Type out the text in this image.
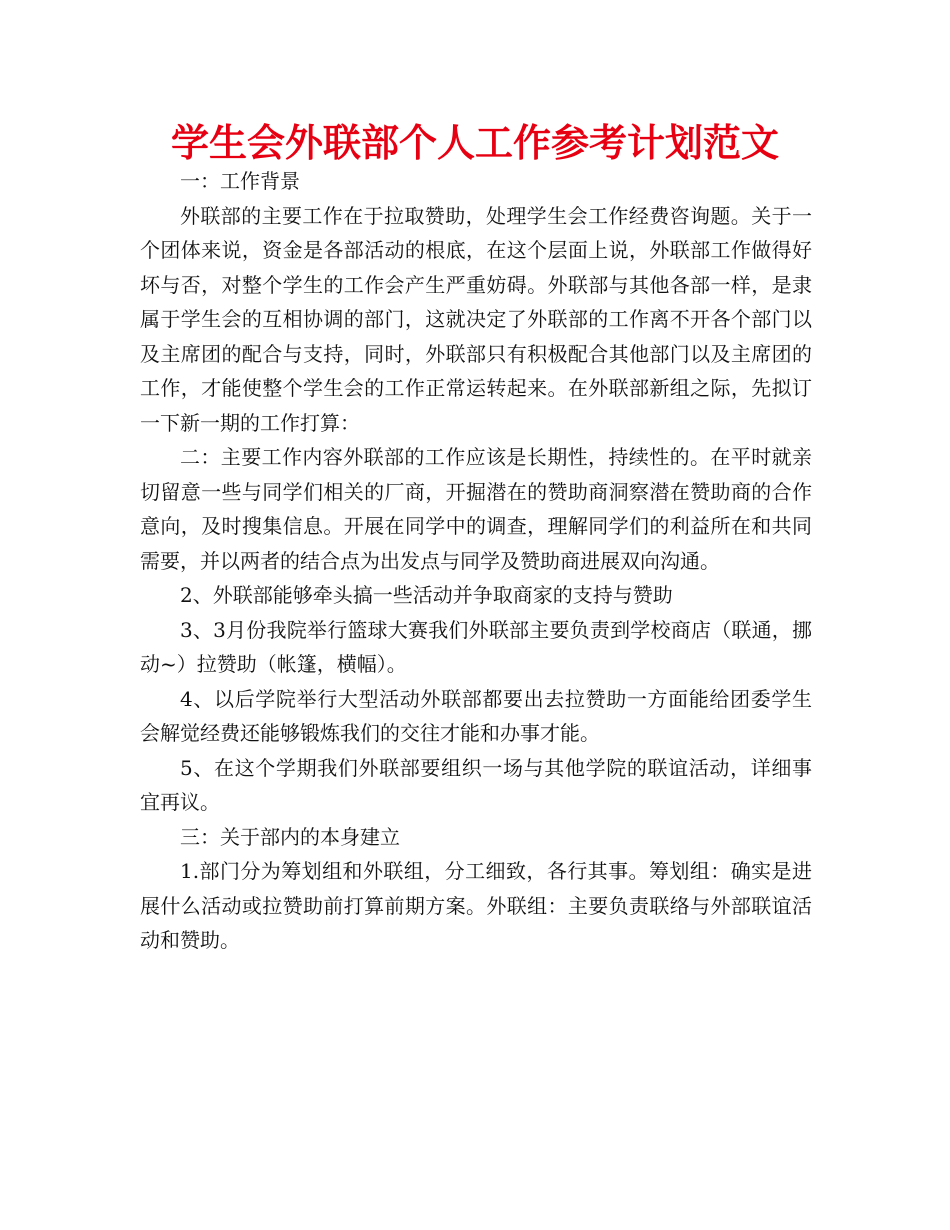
学生会外联部个人工作参考计划范文

一：工作背景

外联部的主要工作在于拉取赞助，处理学生会工作经费咨询题。关于一个团体来说，资金是各部活动的根底，在这个层面上说，外联部工作做得好坏与否，对整个学生的工作会产生严重妨碍。外联部与其他各部一样，是隶属于学生会的互相协调的部门，这就决定了外联部的工作离不开各个部门以及主席团的配合与支持，同时，外联部只有积极配合其他部门以及主席团的工作，才能使整个学生会的工作正常运转起来。在外联部新组之际，先拟订一下新一期的工作打算：

二：主要工作内容外联部的工作应该是长期性，持续性的。在平时就亲切留意一些与同学们相关的厂商，开掘潜在的赞助商洞察潜在赞助商的合作意向，及时搜集信息。开展在同学中的调查，理解同学们的利益所在和共同需要，并以两者的结合点为出发点与同学及赞助商进展双向沟通。

2、外联部能够牵头搞一些活动并争取商家的支持与赞助

3、3月份我院举行篮球大赛我们外联部主要负责到学校商店（联通，挪动~）拉赞助（帐篷，横幅）。

4、以后学院举行大型活动外联部都要出去拉赞助一方面能给团委学生会解觉经费还能够锻炼我们的交往才能和办事才能。

5、在这个学期我们外联部要组织一场与其他学院的联谊活动，详细事宜再议。

三：关于部内的本身建立

1.部门分为筹划组和外联组，分工细致，各行其事。筹划组：确实是进展什么活动或拉赞助前打算前期方案。外联组：主要负责联络与外部联谊活动和赞助。
